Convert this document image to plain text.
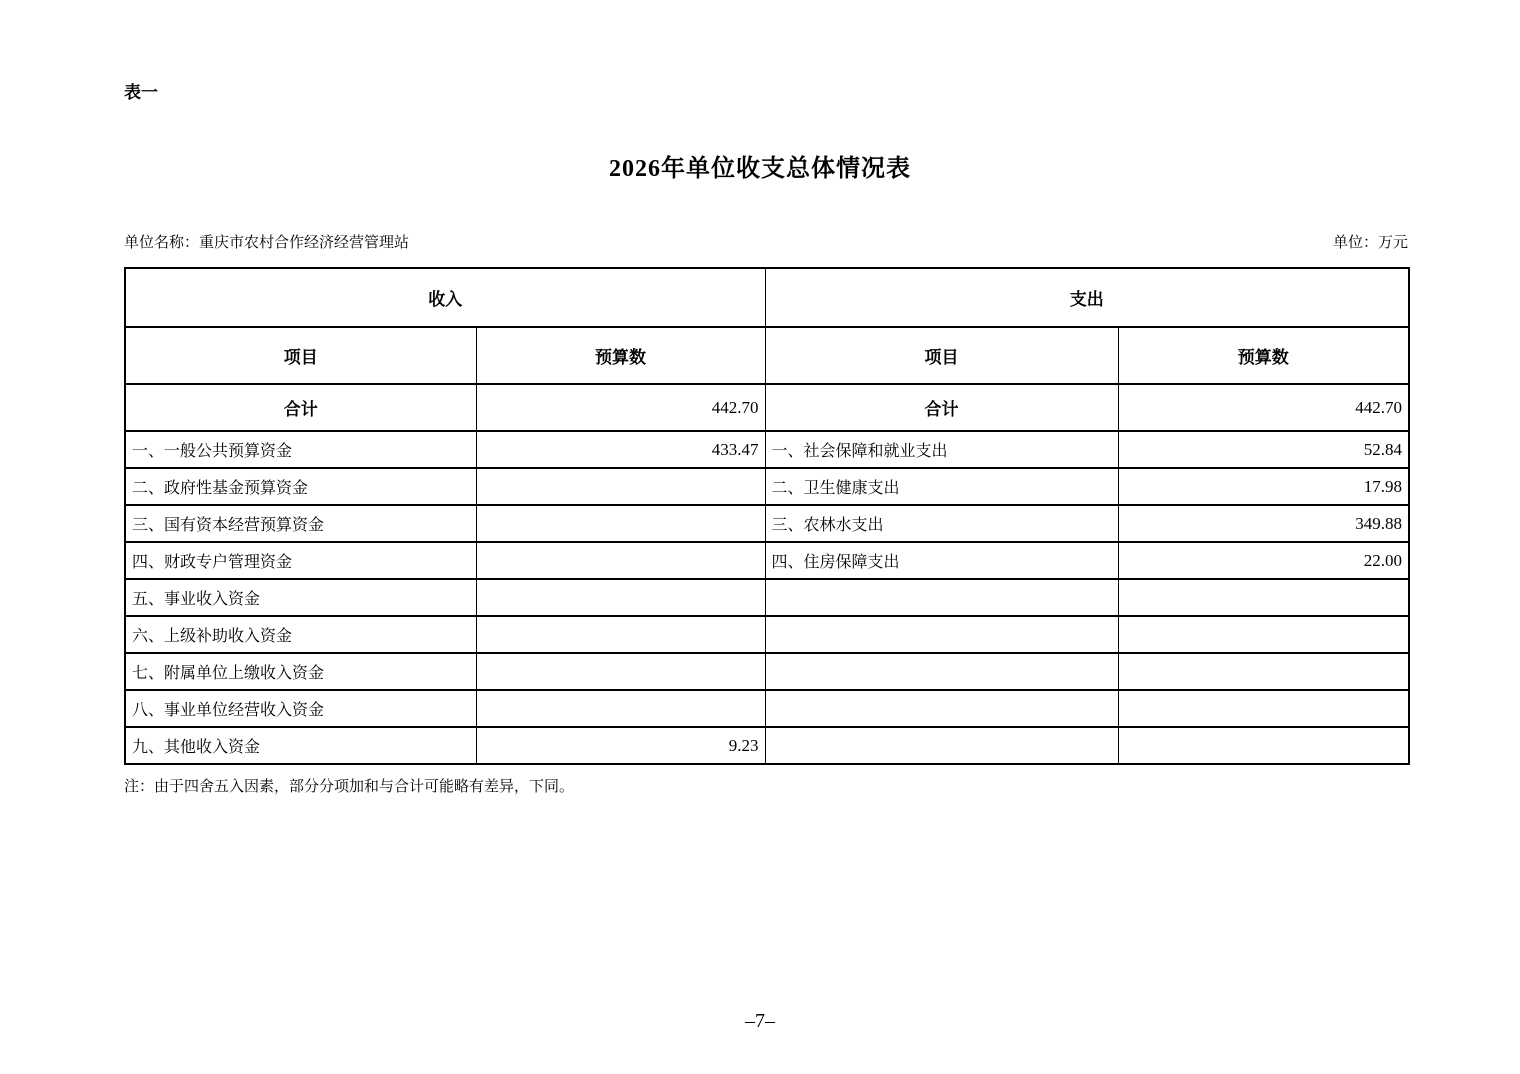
表一
2026年单位收支总体情况表
单位名称：重庆市农村合作经济经营管理站	单位：万元
收入		支出	
项目	预算数	项目	预算数
合计	442.70	合计	442.70
一、一般公共预算资金	433.47	一、社会保障和就业支出	52.84
二、政府性基金预算资金		二、卫生健康支出	17.98
三、国有资本经营预算资金		三、农林水支出	349.88
四、财政专户管理资金		四、住房保障支出	22.00
五、事业收入资金			
六、上级补助收入资金			
七、附属单位上缴收入资金			
八、事业单位经营收入资金			
九、其他收入资金	9.23		
注：由于四舍五入因素，部分分项加和与合计可能略有差异，下同。
–7–
